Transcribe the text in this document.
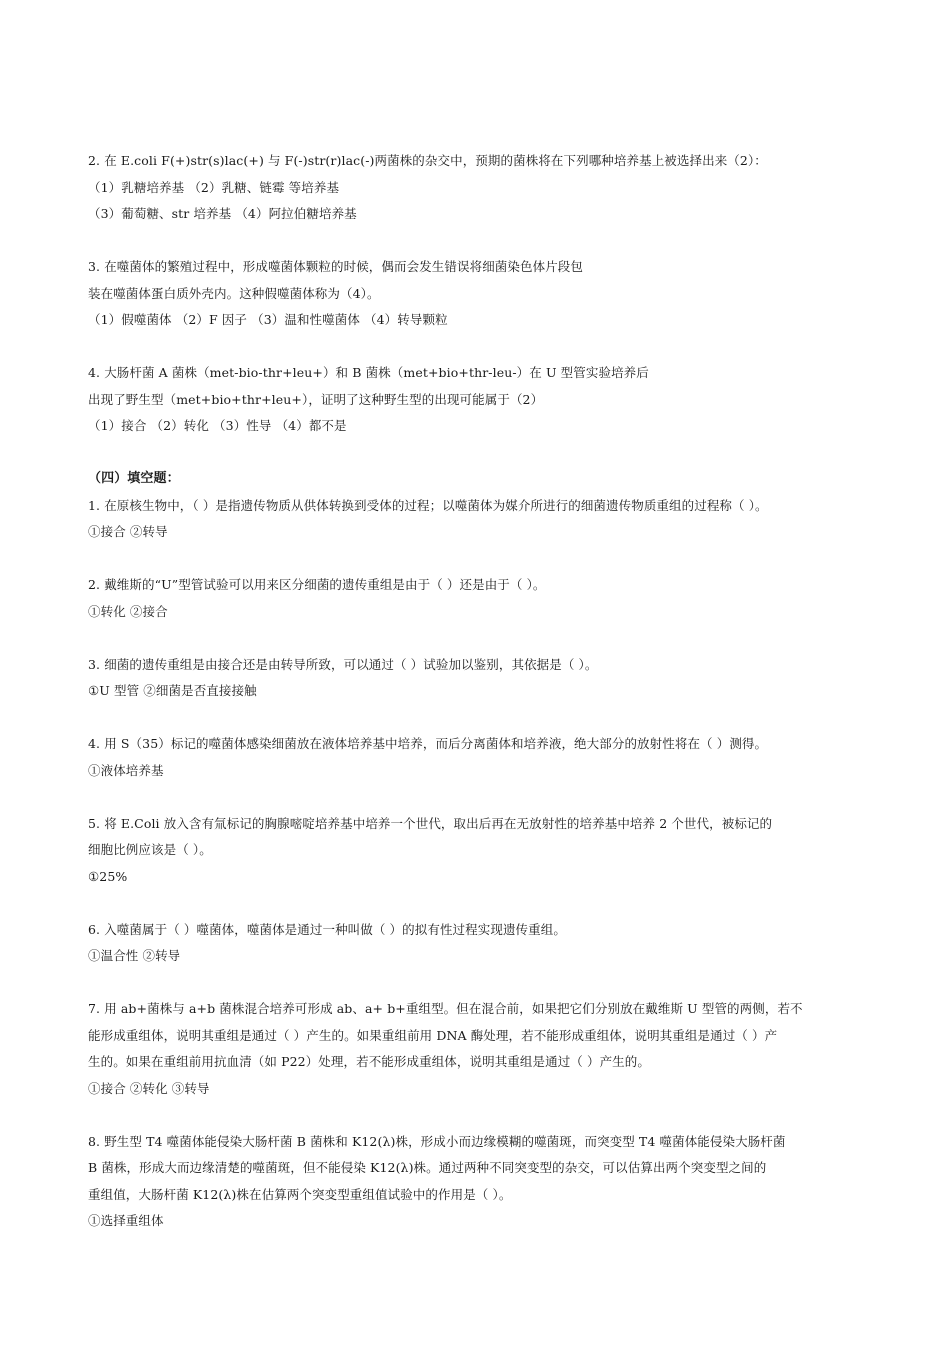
2. 在 E.coli F(+)str(s)lac(+) 与 F(-)str(r)lac(-)两菌株的杂交中，预期的菌株将在下列哪种培养基上被选择出来（2）：
（1）乳糖培养基 （2）乳糖、链霉 等培养基
（3）葡萄糖、str 培养基 （4）阿拉伯糖培养基
3. 在噬菌体的繁殖过程中，形成噬菌体颗粒的时候，偶而会发生错误将细菌染色体片段包
装在噬菌体蛋白质外壳内。这种假噬菌体称为（4）。
（1）假噬菌体 （2）F 因子 （3）温和性噬菌体 （4）转导颗粒
4. 大肠杆菌 A 菌株（met-bio-thr+leu+）和 B 菌株（met+bio+thr-leu-）在 U 型管实验培养后
出现了野生型（met+bio+thr+leu+），证明了这种野生型的出现可能属于（2）
（1）接合 （2）转化 （3）性导 （4）都不是
（四）填空题：
1. 在原核生物中，（ ）是指遗传物质从供体转换到受体的过程；以噬菌体为媒介所进行的细菌遗传物质重组的过程称（ ）。
①接合 ②转导
2. 戴维斯的“U”型管试验可以用来区分细菌的遗传重组是由于（ ）还是由于（ ）。
①转化 ②接合
3. 细菌的遗传重组是由接合还是由转导所致，可以通过（ ）试验加以鉴别，其依据是（ ）。
①U 型管 ②细菌是否直接接触
4. 用 S（35）标记的噬菌体感染细菌放在液体培养基中培养，而后分离菌体和培养液，绝大部分的放射性将在（ ）测得。
①液体培养基
5. 将 E.Coli 放入含有氚标记的胸腺嘧啶培养基中培养一个世代，取出后再在无放射性的培养基中培养 2 个世代，被标记的
细胞比例应该是（ ）。
①25%
6. 入噬菌属于（ ）噬菌体，噬菌体是通过一种叫做（ ）的拟有性过程实现遗传重组。
①温合性 ②转导
7. 用 ab+菌株与 a+b 菌株混合培养可形成 ab、a+ b+重组型。但在混合前，如果把它们分别放在戴维斯 U 型管的两侧，若不
能形成重组体，说明其重组是通过（ ）产生的。如果重组前用 DNA 酶处理，若不能形成重组体，说明其重组是通过（ ）产
生的。如果在重组前用抗血清（如 P22）处理，若不能形成重组体，说明其重组是通过（ ）产生的。
①接合 ②转化 ③转导
8. 野生型 T4 噬菌体能侵染大肠杆菌 B 菌株和 K12(λ)株，形成小而边缘模糊的噬菌斑，而突变型 T4 噬菌体能侵染大肠杆菌
B 菌株，形成大而边缘清楚的噬菌斑，但不能侵染 K12(λ)株。通过两种不同突变型的杂交，可以估算出两个突变型之间的
重组值，大肠杆菌 K12(λ)株在估算两个突变型重组值试验中的作用是（ ）。
①选择重组体
